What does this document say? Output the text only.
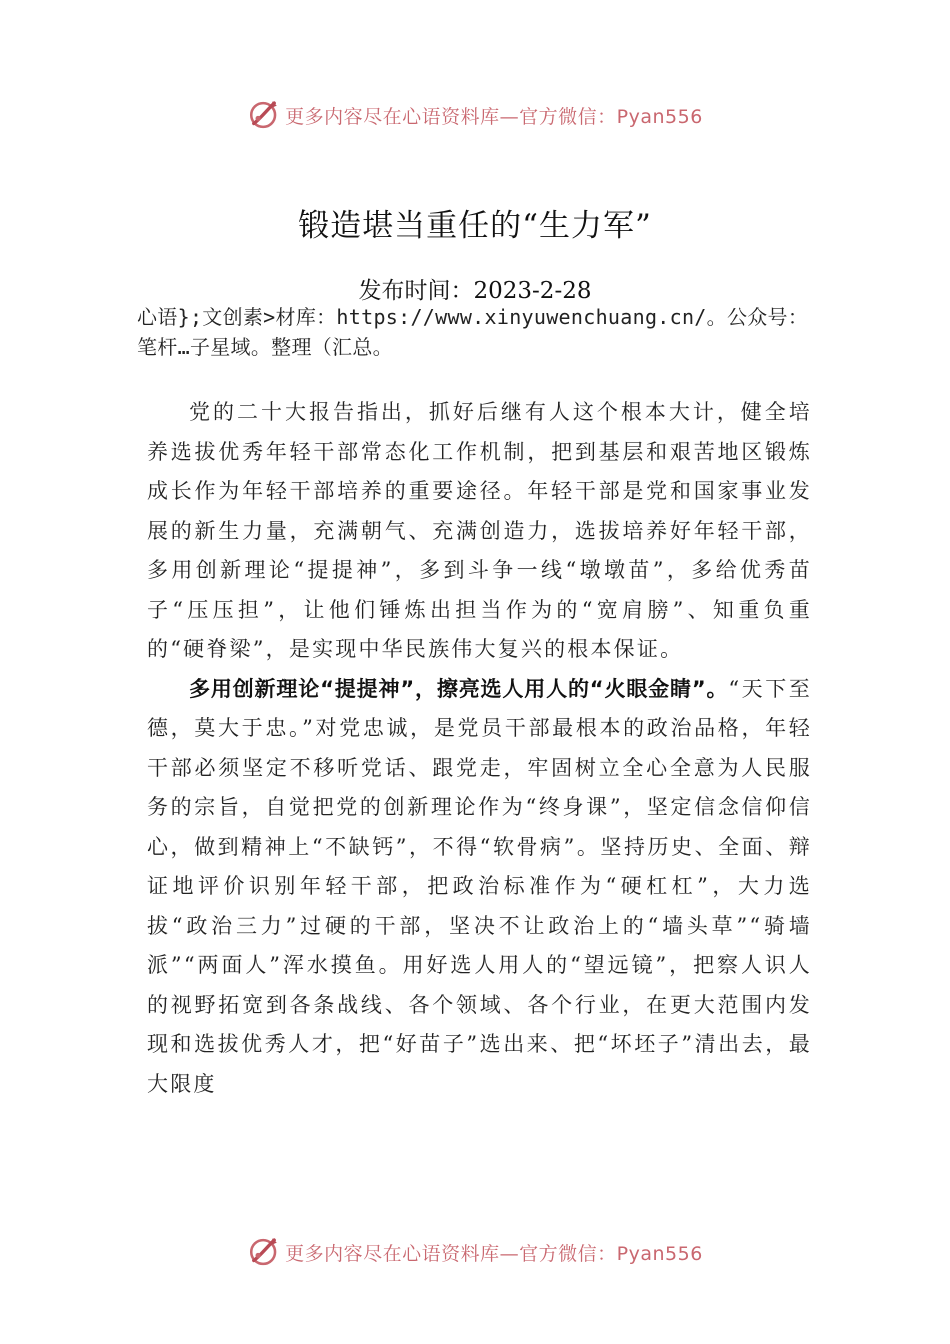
更多内容尽在心语资料库—官方微信：Pyan556
锻造堪当重任的“生力军”
发布时间：2023-2-28
心语};文创素>材库：https://www.xinyuwenchuang.cn/。公众号：笔杆…子星域。整理（汇总。

党的二十大报告指出，抓好后继有人这个根本大计，健全培养选拔优秀年轻干部常态化工作机制，把到基层和艰苦地区锻炼成长作为年轻干部培养的重要途径。年轻干部是党和国家事业发展的新生力量，充满朝气、充满创造力，选拔培养好年轻干部，多用创新理论“提提神”，多到斗争一线“墩墩苗”，多给优秀苗子“压压担”，让他们锤炼出担当作为的“宽肩膀”、知重负重的“硬脊梁”，是实现中华民族伟大复兴的根本保证。

多用创新理论“提提神”，擦亮选人用人的“火眼金睛”。“天下至德，莫大于忠。”对党忠诚，是党员干部最根本的政治品格，年轻干部必须坚定不移听党话、跟党走，牢固树立全心全意为人民服务的宗旨，自觉把党的创新理论作为“终身课”，坚定信念信仰信心，做到精神上“不缺钙”，不得“软骨病”。坚持历史、全面、辩证地评价识别年轻干部，把政治标准作为“硬杠杠”，大力选拔“政治三力”过硬的干部，坚决不让政治上的“墙头草”“骑墙派”“两面人”浑水摸鱼。用好选人用人的“望远镜”，把察人识人的视野拓宽到各条战线、各个领域、各个行业，在更大范围内发现和选拔优秀人才，把“好苗子”选出来、把“坏坯子”清出去，最大限度

更多内容尽在心语资料库—官方微信：Pyan556
